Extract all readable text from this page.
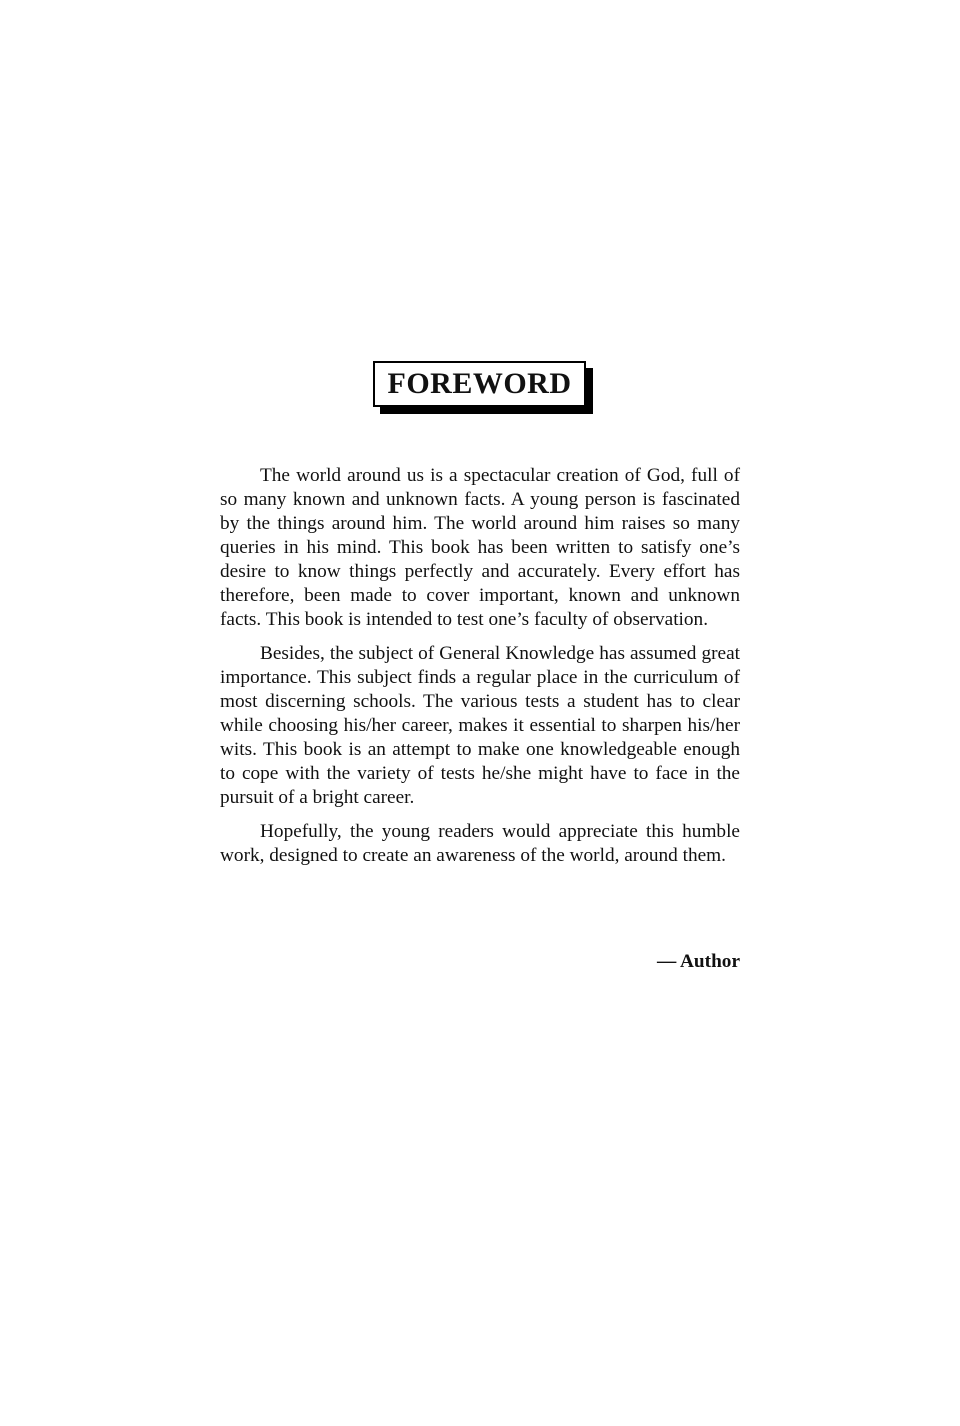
FOREWORD

The world around us is a spectacular creation of God, full of so many known and unknown facts. A young person is fascinated by the things around him. The world around him raises so many queries in his mind. This book has been written to satisfy one’s desire to know things perfectly and accurately. Every effort has therefore, been made to cover important, known and unknown facts. This book is intended to test one’s faculty of observation.

Besides, the subject of General Knowledge has assumed great importance. This subject finds a regular place in the curriculum of most discerning schools. The various tests a student has to clear while choosing his/her career, makes it essential to sharpen his/her wits. This book is an attempt to make one knowledgeable enough to cope with the variety of tests he/she might have to face in the pursuit of a bright career.

Hopefully, the young readers would appreciate this humble work, designed to create an awareness of the world, around them.

— Author
